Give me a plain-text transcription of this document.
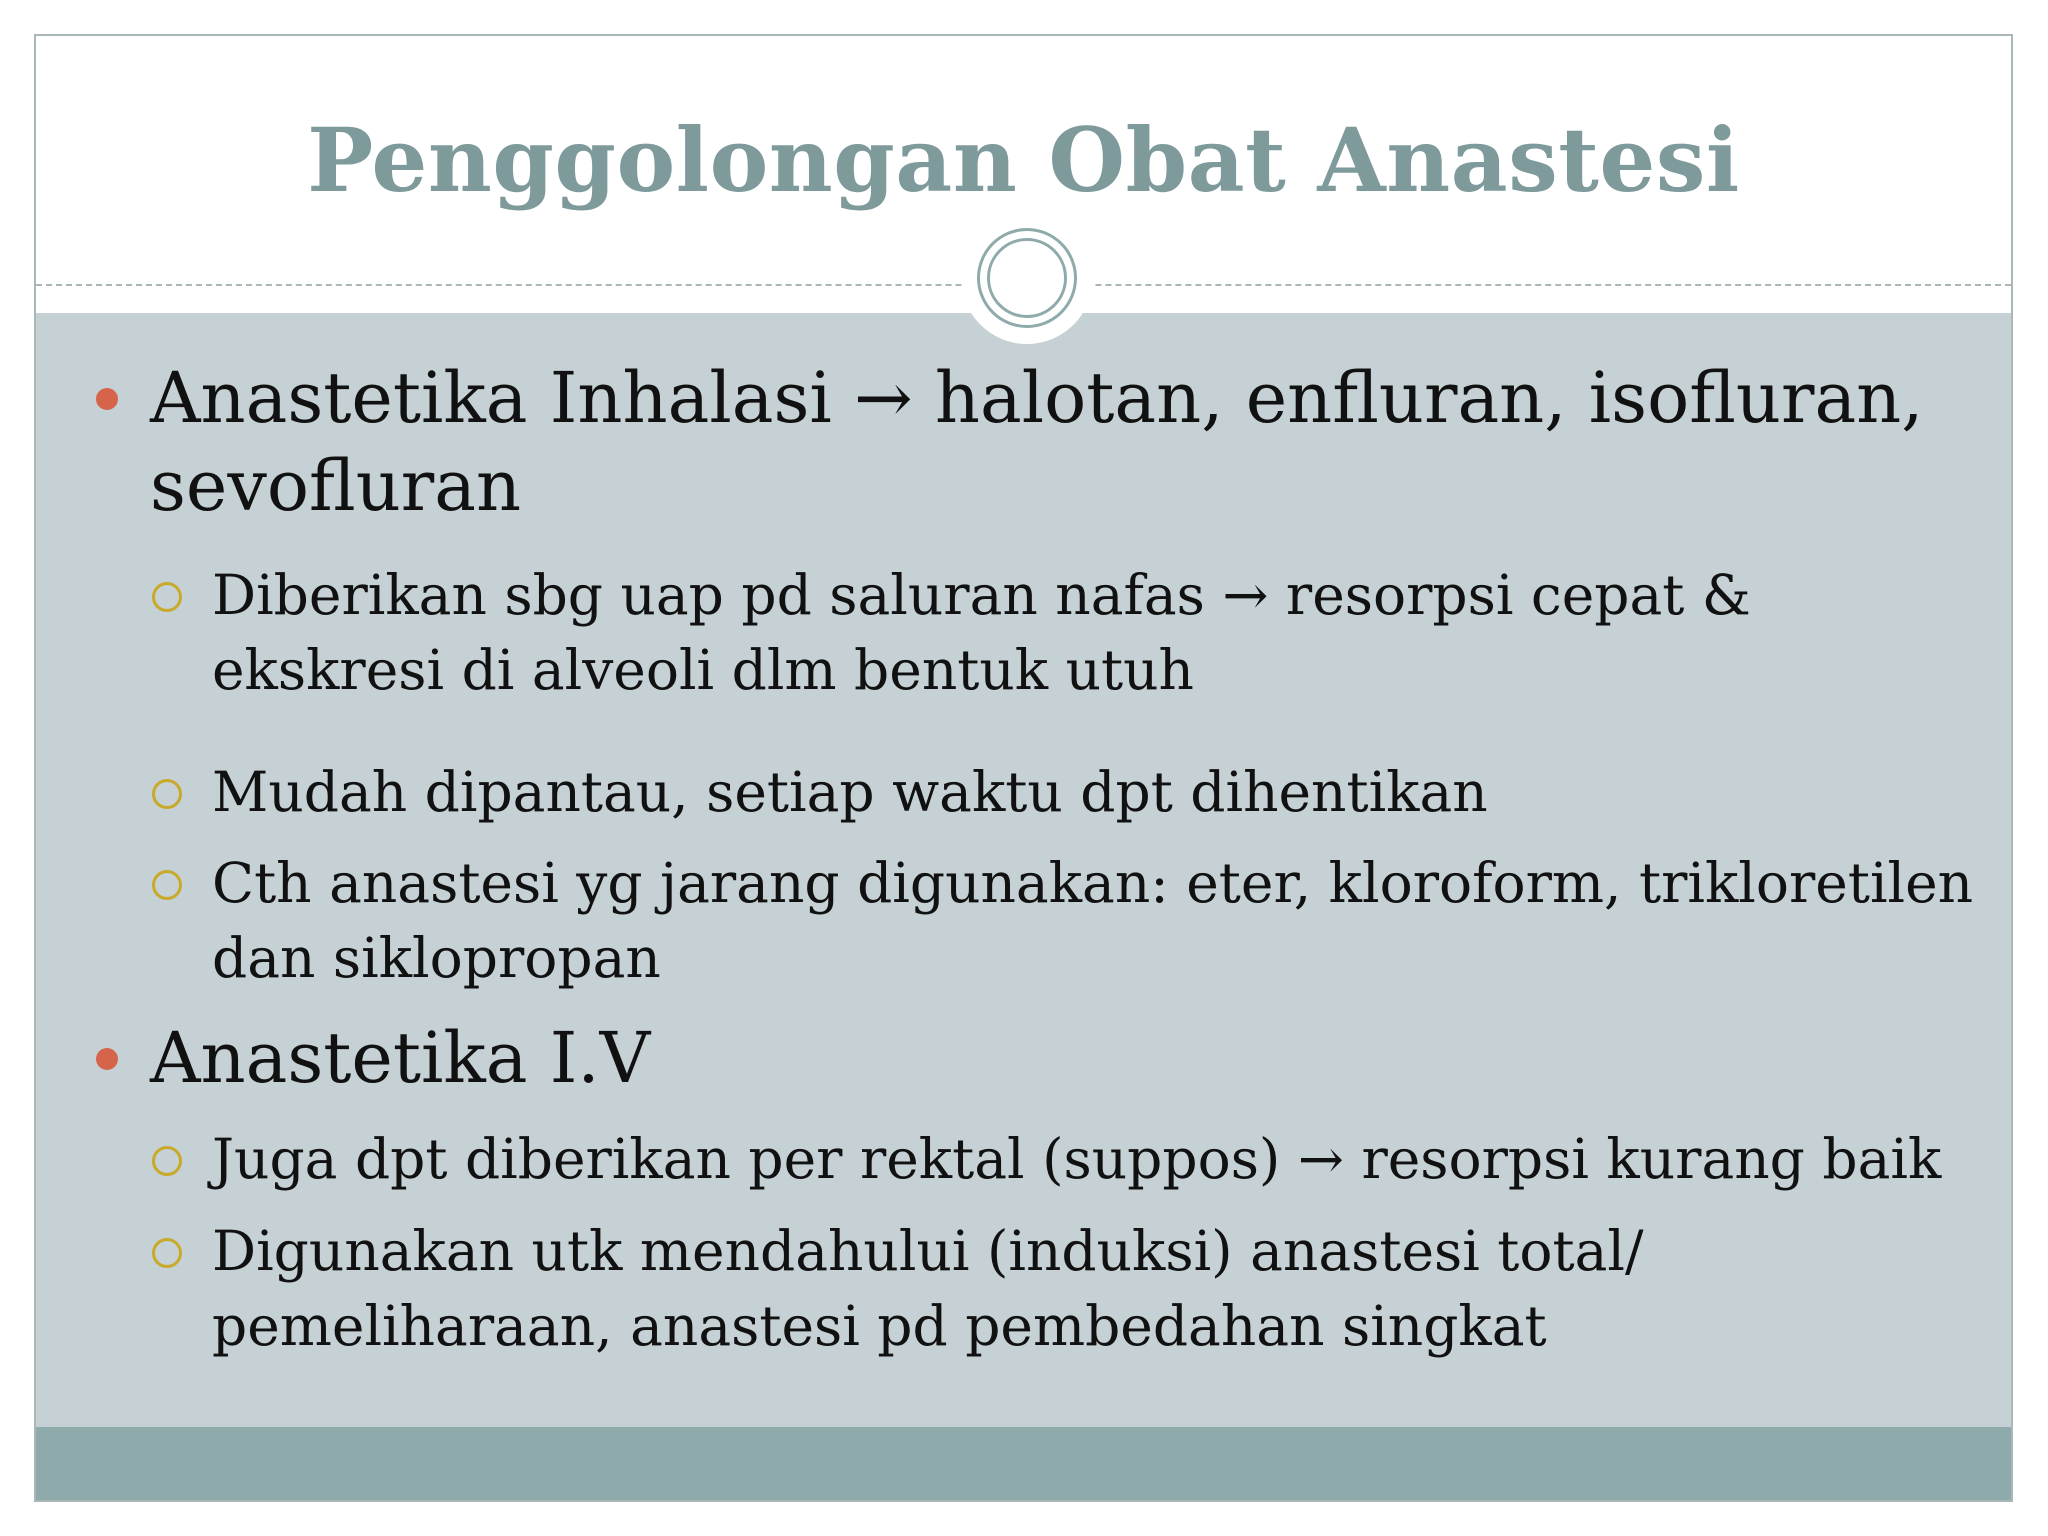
Penggolongan Obat Anastesi
Anastetika Inhalasi → halotan, enfluran, isofluran, sevofluran
Diberikan sbg uap pd saluran nafas → resorpsi cepat & ekskresi di alveoli dlm bentuk utuh
Mudah dipantau, setiap waktu dpt dihentikan
Cth anastesi yg jarang digunakan: eter, kloroform, trikloretilen dan siklopropan
Anastetika I.V
Juga dpt diberikan per rektal (suppos) → resorpsi kurang baik
Digunakan utk mendahului (induksi) anastesi total/ pemeliharaan, anastesi pd pembedahan singkat
